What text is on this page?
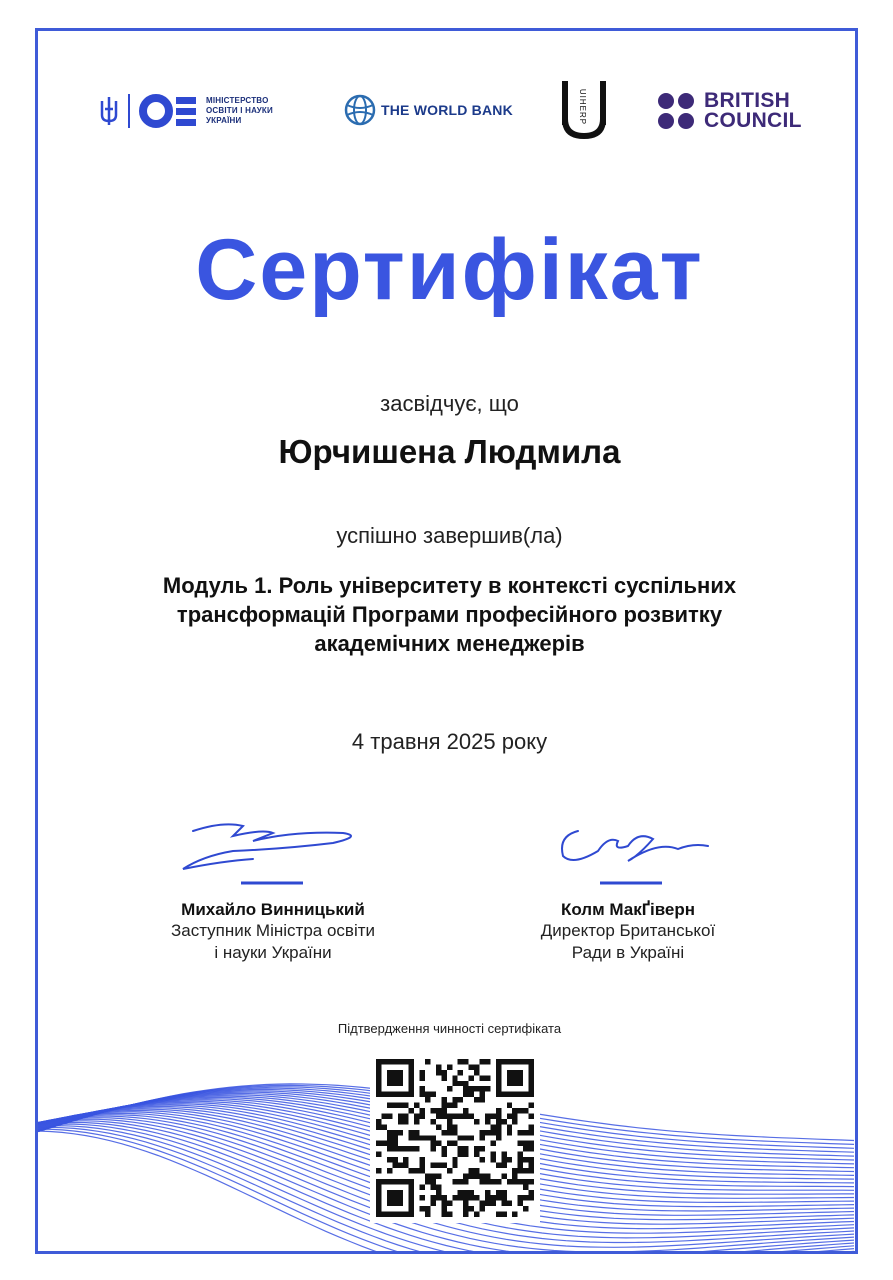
МІНІСТЕРСТВО
ОСВІТИ І НАУКИ
УКРАЇНИ
THE WORLD BANK	UIHERP	BRITISH
COUNCIL
Сертифікат
засвідчує, що
Юрчишена Людмила
успішно завершив(ла)
Модуль 1. Роль університету в контексті суспільних
трансформацій Програми професійного розвитку
академічних менеджерів
4 травня 2025 року
Михайло Винницький
Заступник Міністра освіти
і науки України
Колм МакҐіверн
Директор Британської
Ради в Україні
Підтвердження чинності сертифіката
